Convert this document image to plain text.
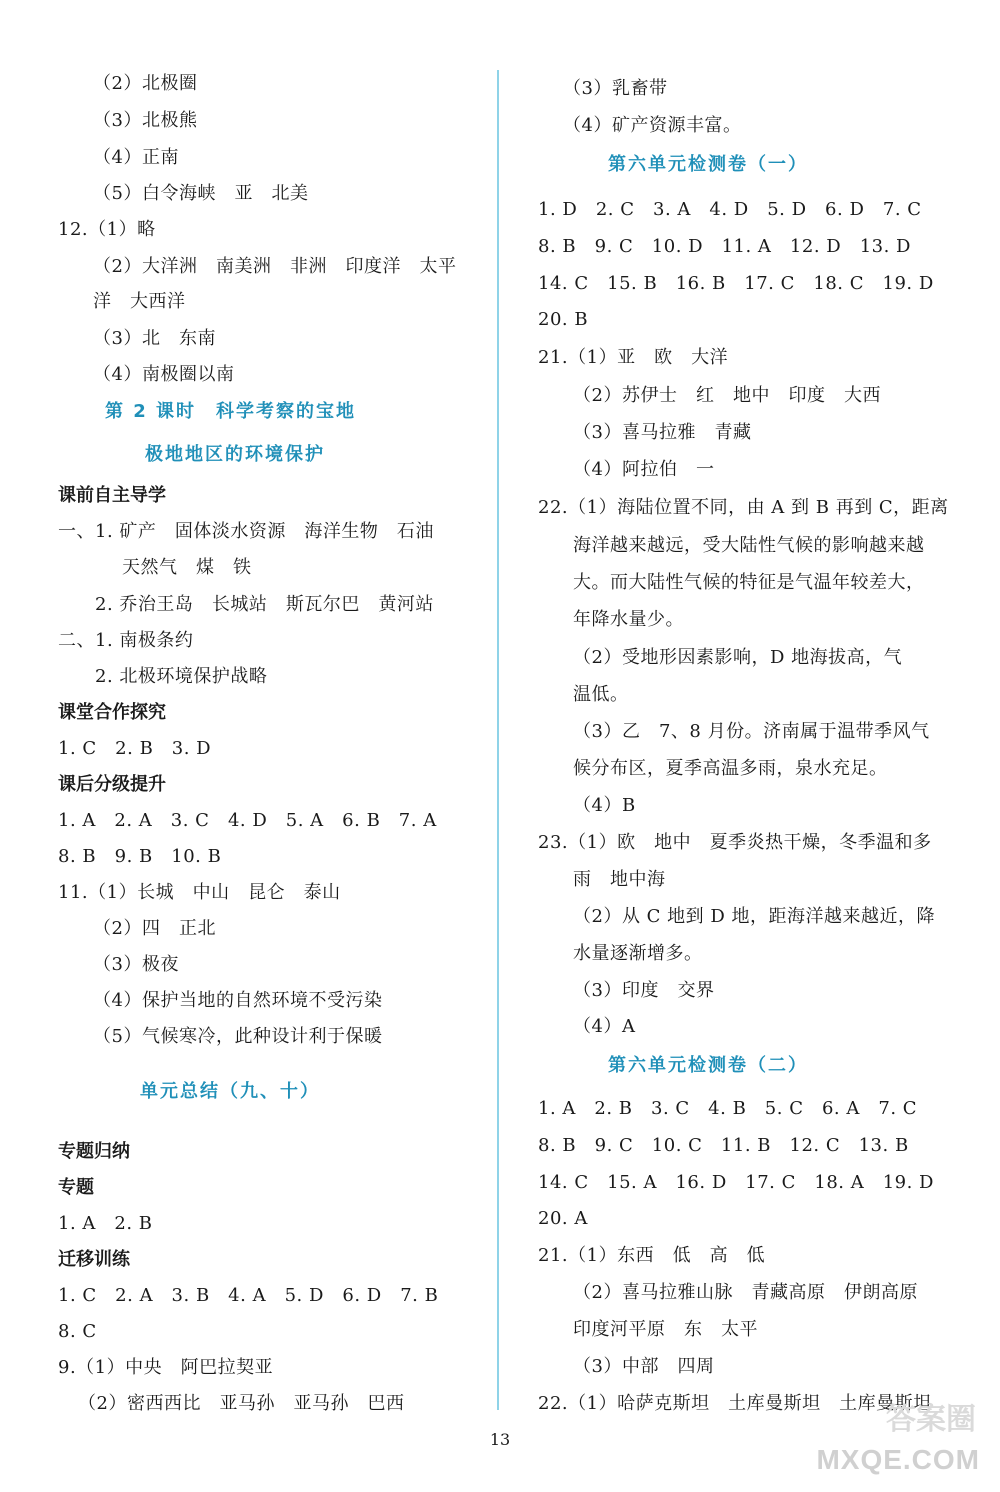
（2）北极圈
（3）北极熊
（4）正南
（5）白令海峡　亚　北美
12.（1）略
（2）大洋洲　南美洲　非洲　印度洋　太平
洋　大西洋
（3）北　东南
（4）南极圈以南
课前自主导学
一、1. 矿产　固体淡水资源　海洋生物　石油
天然气　煤　铁
2. 乔治王岛　长城站　斯瓦尔巴　黄河站
二、1. 南极条约
2. 北极环境保护战略
课堂合作探究
1. C　2. B　3. D
课后分级提升
1. A　2. A　3. C　4. D　5. A　6. B　7. A
8. B　9. B　10. B
11.（1）长城　中山　昆仑　泰山
（2）四　正北
（3）极夜
（4）保护当地的自然环境不受污染
（5）气候寒冷，此种设计利于保暖
专题归纳
专题
1. A　2. B
迁移训练
1. C　2. A　3. B　4. A　5. D　6. D　7. B
8. C
9.（1）中央　阿巴拉契亚
（2）密西西比　亚马孙　亚马孙　巴西
第 2 课时　科学考察的宝地
极地地区的环境保护
单元总结（九、十）
（3）乳畜带
（4）矿产资源丰富。
1. D　2. C　3. A　4. D　5. D　6. D　7. C
8. B　9. C　10. D　11. A　12. D　13. D
14. C　15. B　16. B　17. C　18. C　19. D
20. B
21.（1）亚　欧　大洋
（2）苏伊士　红　地中　印度　大西
（3）喜马拉雅　青藏
（4）阿拉伯　一
22.（1）海陆位置不同，由 A 到 B 再到 C，距离
海洋越来越远，受大陆性气候的影响越来越
大。而大陆性气候的特征是气温年较差大，
年降水量少。
（2）受地形因素影响，D 地海拔高，气
温低。
（3）乙　7、8 月份。济南属于温带季风气
候分布区，夏季高温多雨，泉水充足。
（4）B
23.（1）欧　地中　夏季炎热干燥，冬季温和多
雨　地中海
（2）从 C 地到 D 地，距海洋越来越近，降
水量逐渐增多。
（3）印度　交界
（4）A
1. A　2. B　3. C　4. B　5. C　6. A　7. C
8. B　9. C　10. C　11. B　12. C　13. B
14. C　15. A　16. D　17. C　18. A　19. D
20. A
21.（1）东西　低　高　低
（2）喜马拉雅山脉　青藏高原　伊朗高原
印度河平原　东　太平
（3）中部　四周
22.（1）哈萨克斯坦　土库曼斯坦　土库曼斯坦
第六单元检测卷（一）
第六单元检测卷（二）
13
答案圈
MXQE.COM
